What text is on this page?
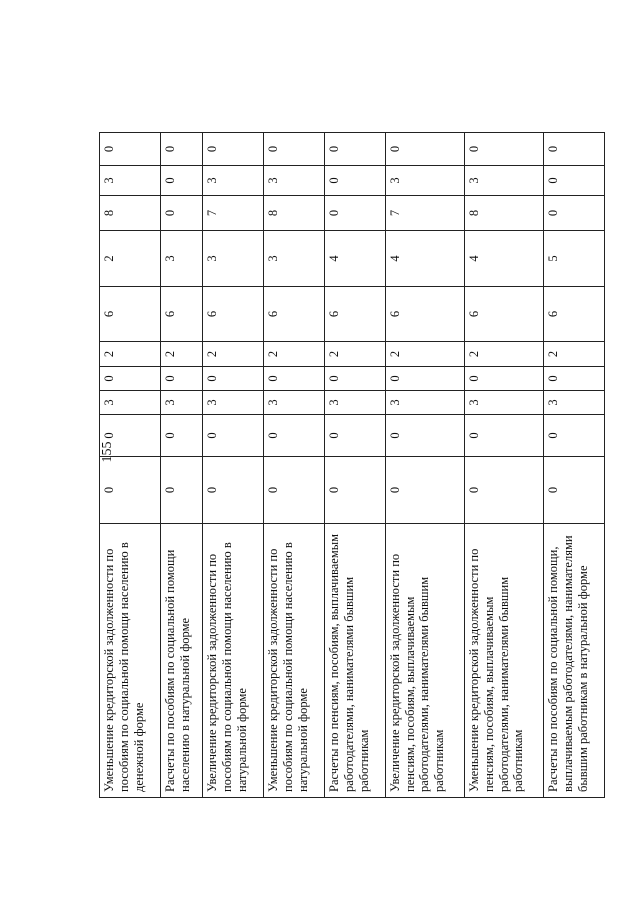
155
Уменьшение кредиторской задолженности по пособиям по социальной помощи населению в денежной форме	0	0	3	0	2	6	2	8	3	0
Расчеты по пособиям по социальной помощи населению в натуральной форме	0	0	3	0	2	6	3	0	0	0
Увеличение кредиторской задолженности по пособиям по социальной помощи населению в натуральной форме	0	0	3	0	2	6	3	7	3	0
Уменьшение кредиторской задолженности по пособиям по социальной помощи населению в натуральной форме	0	0	3	0	2	6	3	8	3	0
Расчеты по пенсиям, пособиям, выплачиваемым работодателями, нанимателями бывшим работникам	0	0	3	0	2	6	4	0	0	0
Увеличение кредиторской задолженности по пенсиям, пособиям, выплачиваемым работодателями, нанимателями бывшим работникам	0	0	3	0	2	6	4	7	3	0
Уменьшение кредиторской задолженности по пенсиям, пособиям, выплачиваемым работодателями, нанимателями бывшим работникам	0	0	3	0	2	6	4	8	3	0
Расчеты по пособиям по социальной помощи, выплачиваемым работодателями, нанимателями бывшим работникам в натуральной форме	0	0	3	0	2	6	5	0	0	0
